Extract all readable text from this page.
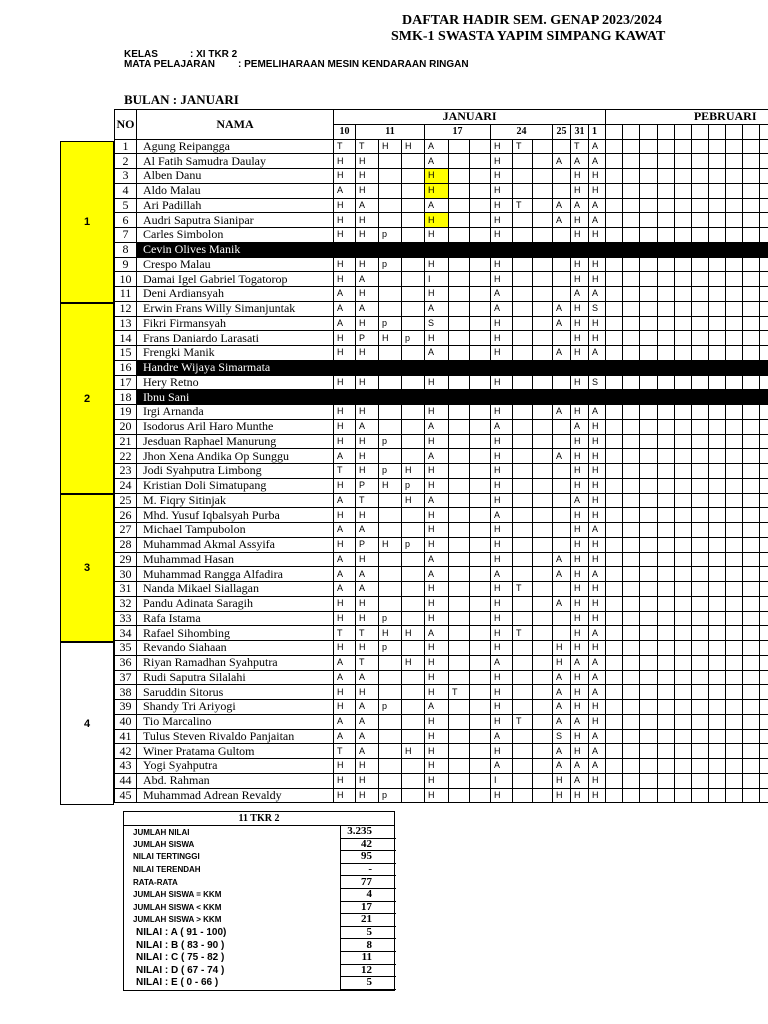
DAFTAR HADIR SEM. GENAP 2023/2024
SMK-1 SWASTA YAPIM SIMPANG KAWAT
KELAS	: XI TKR 2
MATA PELAJARAN : PEMELIHARAAN MESIN KENDARAAN RINGAN
BULAN : JANUARI
1
2
3
4
NO	NAMA	JANUARI													PEBRUARI													
		10	11			17			24			25	31	1														
1	Agung Reipangga	T	T	H	H	A			H	T			T	A														
2	Al Fatih Samudra Daulay	H	H			A			H			A	A	A														
3	Alben Danu	H	H			H			H				H	H														
4	Aldo Malau	A	H			H			H				H	H														
5	Ari Padillah	H	A			A			H	T		A	A	A														
6	Audri Saputra Sianipar	H	H			H			H			A	H	A														
7	Carles Simbolon	H	H	p		H			H				H	H														
8	Cevin Olives Manik																											
9	Crespo Malau	H	H	p		H			H				H	H														
10	Damai Igel Gabriel Togatorop	H	A			I			H				H	H														
11	Deni Ardiansyah	A	H			H			A				A	A														
12	Erwin Frans Willy Simanjuntak	A	A			A			A			A	H	S														
13	Fikri Firmansyah	A	H	p		S			H			A	H	H														
14	Frans Daniardo Larasati	H	P	H	p	H			H				H	H														
15	Frengki Manik	H	H			A			H			A	H	A														
16	Handre Wijaya Simarmata																											
17	Hery Retno	H	H			H			H				H	S														
18	Ibnu Sani																											
19	Irgi Arnanda	H	H			H			H			A	H	A														
20	Isodorus Aril Haro Munthe	H	A			A			A				A	H														
21	Jesduan Raphael Manurung	H	H	p		H			H				H	H														
22	Jhon Xena Andika Op Sunggu	A	H			A			H			A	H	H														
23	Jodi Syahputra Limbong	T	H	p	H	H			H				H	H														
24	Kristian Doli Simatupang	H	P	H	p	H			H				H	H														
25	M. Fiqry Sitinjak	A	T		H	A			H				A	H														
26	Mhd. Yusuf Iqbalsyah Purba	H	H			H			A				H	H														
27	Michael Tampubolon	A	A			H			H				H	A														
28	Muhammad Akmal Assyifa	H	P	H	p	H			H				H	H														
29	Muhammad Hasan	A	H			A			H			A	H	H														
30	Muhammad Rangga Alfadira	A	A			A			A			A	H	A														
31	Nanda Mikael Siallagan	A	A			H			H	T			H	H														
32	Pandu Adinata Saragih	H	H			H			H			A	H	H														
33	Rafa Istama	H	H	p		H			H				H	H														
34	Rafael Sihombing	T	T	H	H	A			H	T			H	A														
35	Revando Siahaan	H	H	p		H			H			H	H	H														
36	Riyan Ramadhan Syahputra	A	T		H	H			A			H	A	A														
37	Rudi Saputra Silalahi	A	A			H			H			A	H	A														
38	Saruddin Sitorus	H	H			H	T		H			A	H	A														
39	Shandy Tri Ariyogi	H	A	p		A			H			A	H	H														
40	Tio Marcalino	A	A			H			H	T		A	A	H														
41	Tulus Steven Rivaldo Panjaitan	A	A			H			A			S	H	A														
42	Winer Pratama Gultom	T	A		H	H			H			A	H	A														
43	Yogi Syahputra	H	H			H			A			A	A	A														
44	Abd. Rahman	H	H			H			I			H	A	H														
45	Muhammad Adrean Revaldy	H	H	p		H			H			H	H	H														
11 TKR 2
JUMLAH NILAI	3.235
JUMLAH SISWA	42
NILAI TERTINGGI	95
NILAI TERENDAH	-
RATA-RATA	77
JUMLAH SISWA = KKM	4
JUMLAH SISWA < KKM	17
JUMLAH SISWA > KKM	21
NILAI : A ( 91 - 100)	5
NILAI : B ( 83 - 90 )	8
NILAI : C ( 75 - 82 )	11
NILAI : D ( 67 - 74 )	12
NILAI : E ( 0 - 66 )	5
